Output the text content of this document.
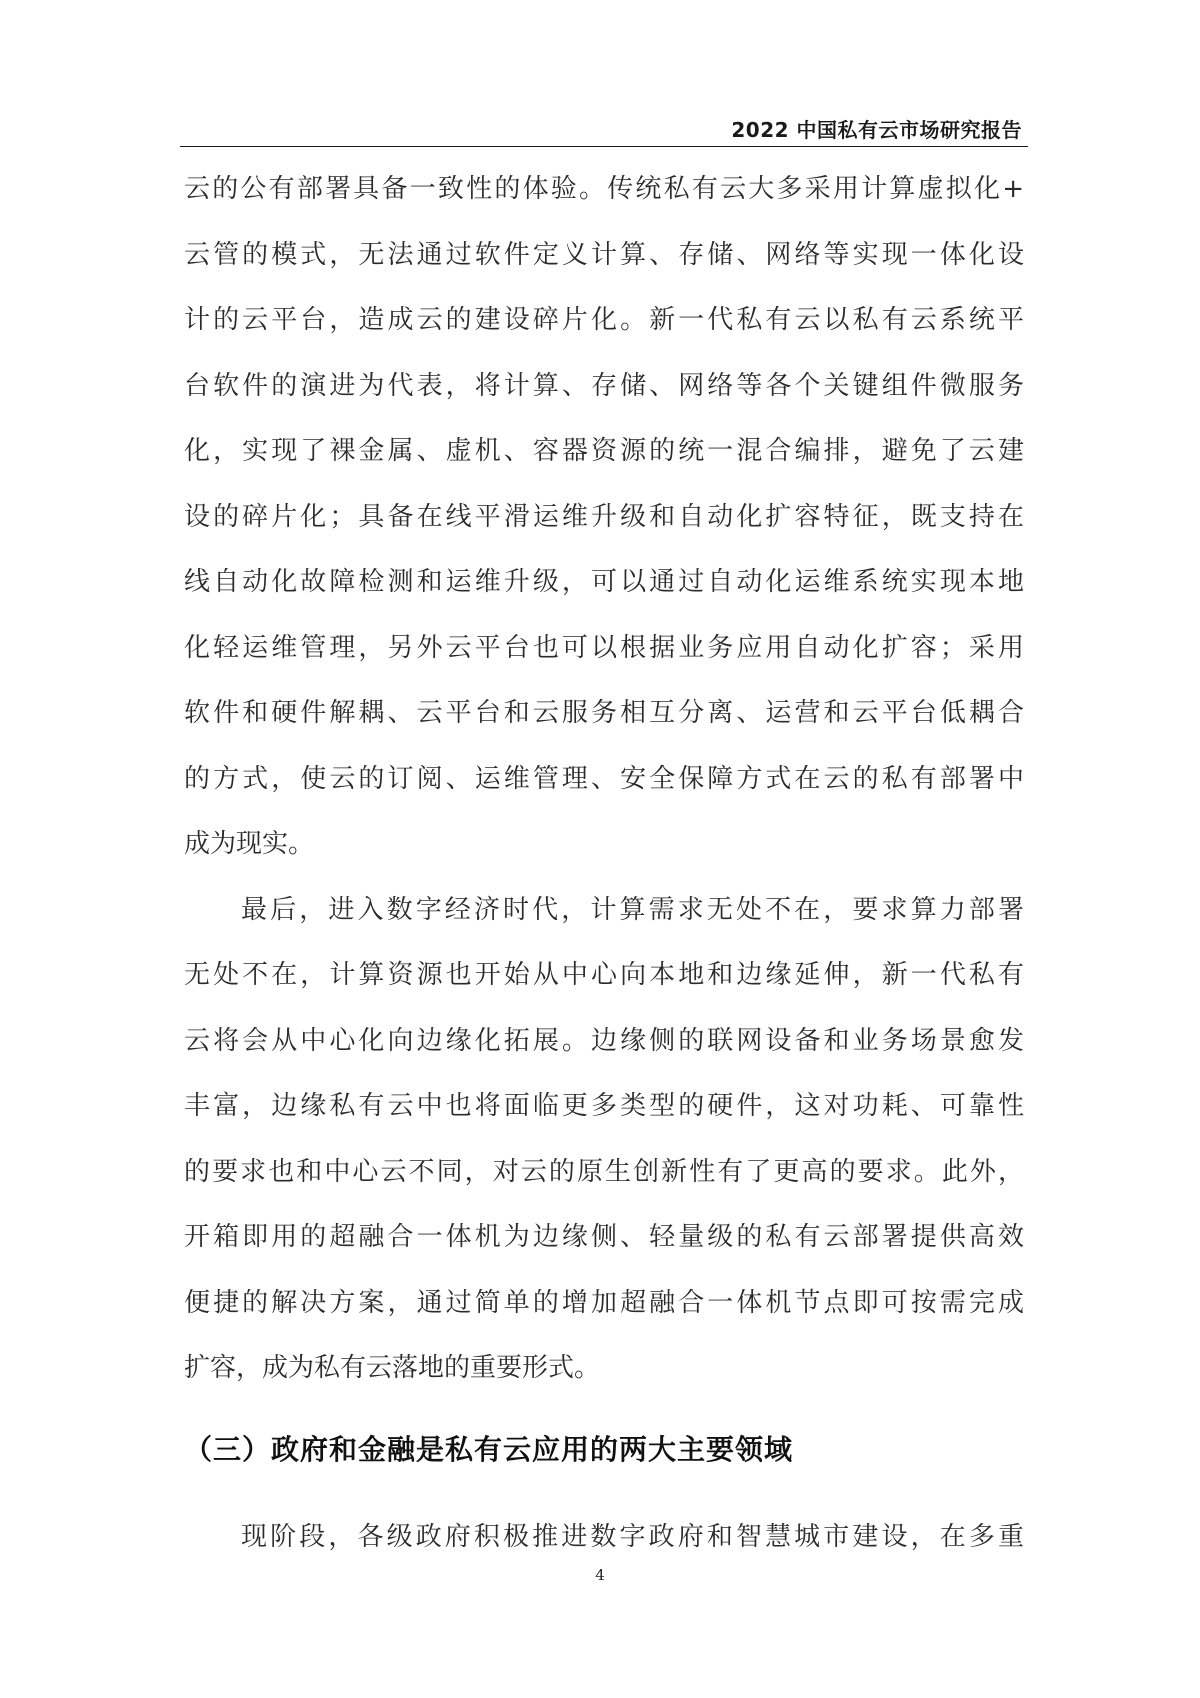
2022 中国私有云市场研究报告
云的公有部署具备一致性的体验。传统私有云大多采用计算虚拟化+
云管的模式，无法通过软件定义计算、存储、网络等实现一体化设
计的云平台，造成云的建设碎片化。新一代私有云以私有云系统平
台软件的演进为代表，将计算、存储、网络等各个关键组件微服务
化，实现了裸金属、虚机、容器资源的统一混合编排，避免了云建
设的碎片化；具备在线平滑运维升级和自动化扩容特征，既支持在
线自动化故障检测和运维升级，可以通过自动化运维系统实现本地
化轻运维管理，另外云平台也可以根据业务应用自动化扩容；采用
软件和硬件解耦、云平台和云服务相互分离、运营和云平台低耦合
的方式，使云的订阅、运维管理、安全保障方式在云的私有部署中
成为现实。
最后，进入数字经济时代，计算需求无处不在，要求算力部署
无处不在，计算资源也开始从中心向本地和边缘延伸，新一代私有
云将会从中心化向边缘化拓展。边缘侧的联网设备和业务场景愈发
丰富，边缘私有云中也将面临更多类型的硬件，这对功耗、可靠性
的要求也和中心云不同，对云的原生创新性有了更高的要求。此外，
开箱即用的超融合一体机为边缘侧、轻量级的私有云部署提供高效
便捷的解决方案，通过简单的增加超融合一体机节点即可按需完成
扩容，成为私有云落地的重要形式。
（三）政府和金融是私有云应用的两大主要领域
现阶段，各级政府积极推进数字政府和智慧城市建设，在多重
4
